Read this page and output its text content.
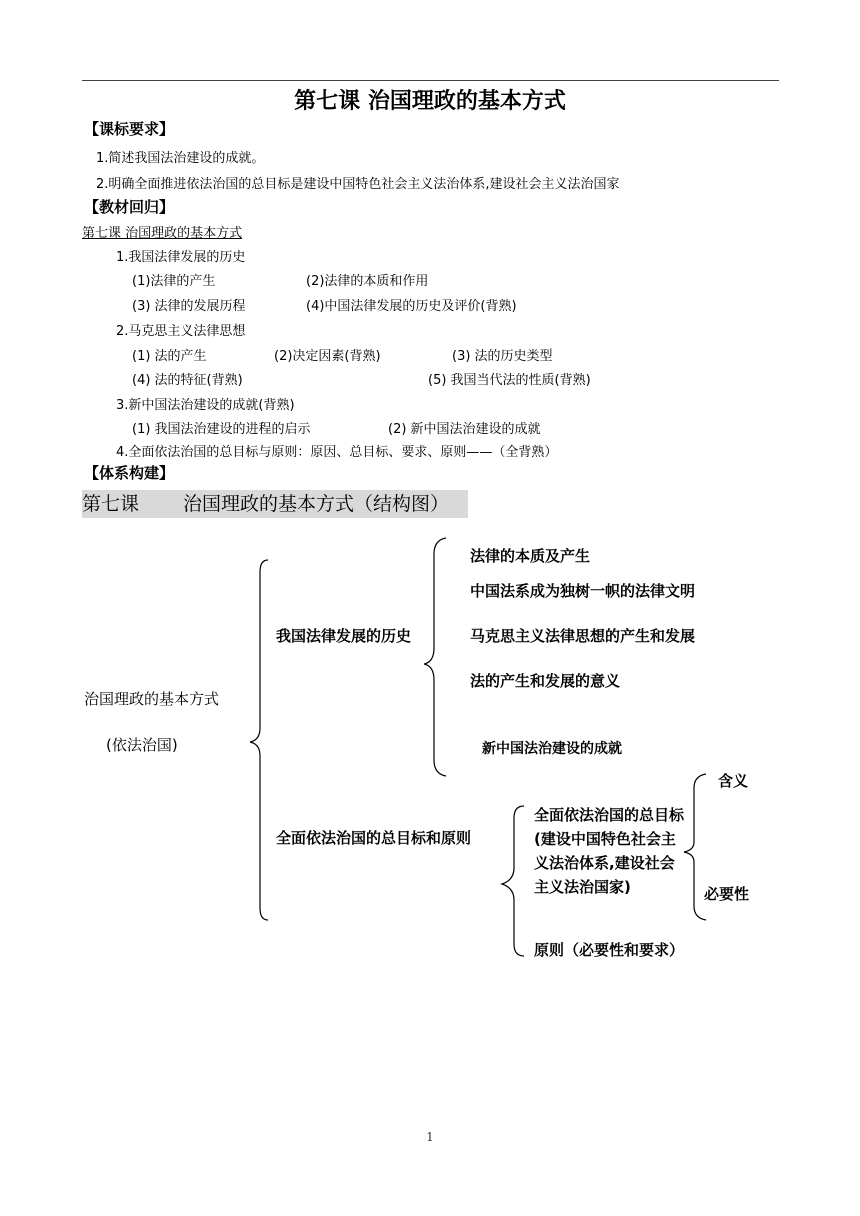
第七课 治国理政的基本方式
【课标要求】
1.简述我国法治建设的成就。
2.明确全面推进依法治国的总目标是建设中国特色社会主义法治体系,建设社会主义法治国家
【教材回归】
第七课 治国理政的基本方式
1.我国法律发展的历史
(1)法律的产生	(2)法律的本质和作用
(3) 法律的发展历程	(4)中国法律发展的历史及评价(背熟)
2.马克思主义法律思想
(1) 法的产生	(2)决定因素(背熟)	(3) 法的历史类型
(4) 法的特征(背熟)	(5) 我国当代法的性质(背熟)
3.新中国法治建设的成就(背熟)
(1) 我国法治建设的进程的启示	(2) 新中国法治建设的成就
4.全面依法治国的总目标与原则：原因、总目标、要求、原则——（全背熟）
【体系构建】
第七课 治国理政的基本方式（结构图）
治国理政的基本方式
(依法治国)
我国法律发展的历史
法律的本质及产生
中国法系成为独树一帜的法律文明
马克思主义法律思想的产生和发展
法的产生和发展的意义
新中国法治建设的成就
全面依法治国的总目标和原则
全面依法治国的总目标(建设中国特色社会主义法治体系,建设社会主义法治国家)
原则（必要性和要求）
含义
必要性
1
